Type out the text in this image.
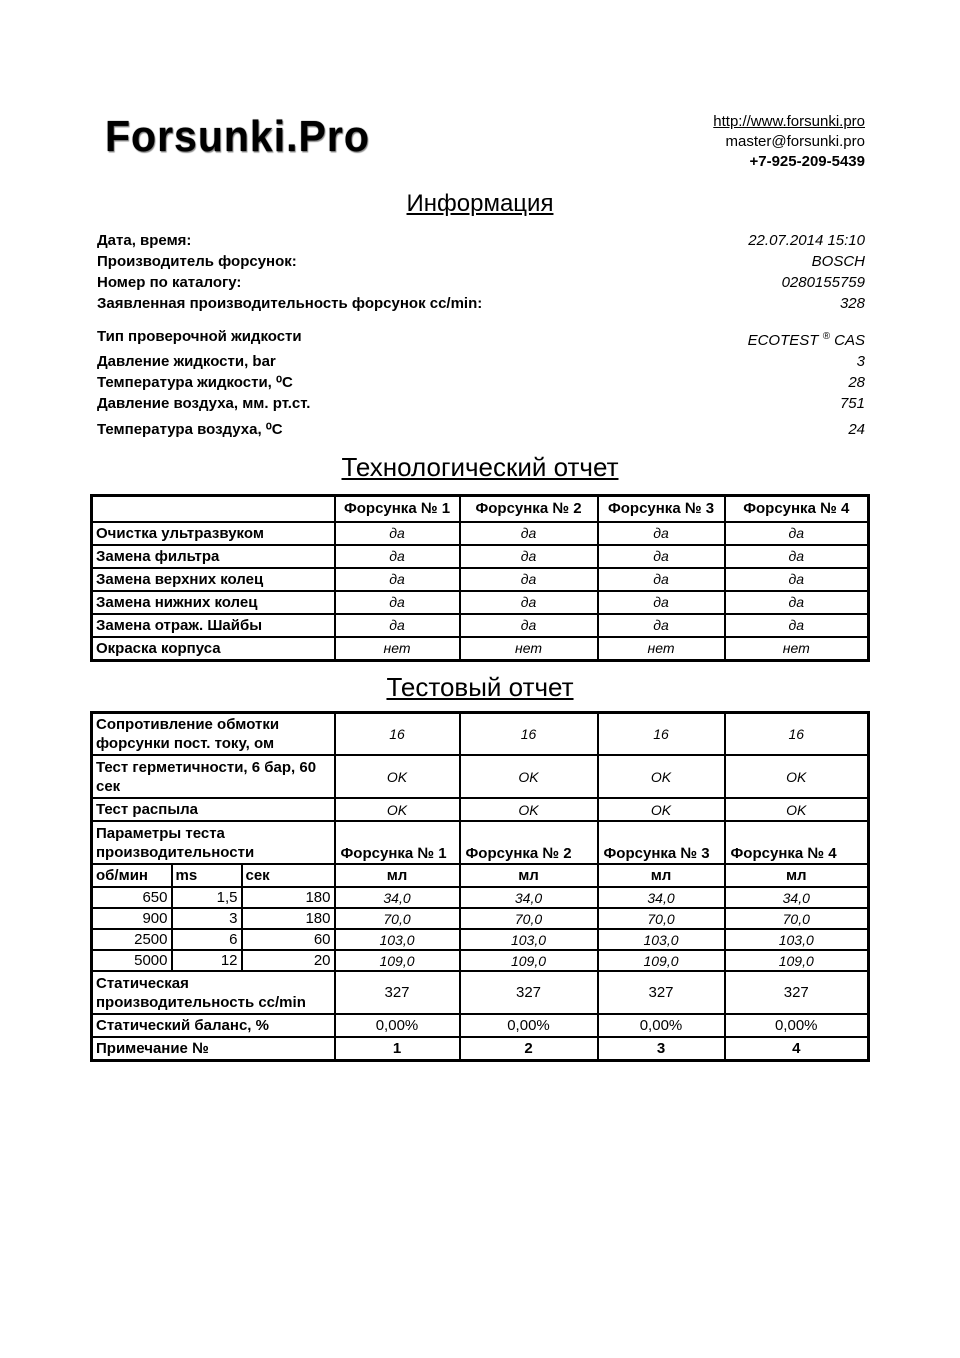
Forsunki.Pro	http://www.forsunki.pro
master@forsunki.pro
+7-925-209-5439
Информация
Дата, время:	22.07.2014 15:10
Производитель форсунок:	BOSCH
Номер по каталогу:	0280155759
Заявленная производительность форсунок cc/min:	328
Тип проверочной жидкости	ECOTEST ® CAS
Давление жидкости, bar	3
Температура жидкости, ⁰С	28
Давление воздуха, мм. рт.ст.	751
Температура воздуха, ⁰С	24
Технологический отчет
	Форсунка № 1	Форсунка № 2	Форсунка № 3	Форсунка № 4
Очистка ультразвуком	да	да	да	да
Замена фильтра	да	да	да	да
Замена верхних колец	да	да	да	да
Замена нижних колец	да	да	да	да
Замена отраж. Шайбы	да	да	да	да
Окраска корпуса	нет	нет	нет	нет
Тестовый отчет
Сопротивление обмотки форсунки пост. току, ом			16	16	16	16
Тест герметичности, 6 бар, 60 сек			OK	OK	OK	OK
Тест распыла			OK	OK	OK	OK
Параметры теста производительности			Форсунка № 1	Форсунка № 2	Форсунка № 3	Форсунка № 4
об/мин	ms	сек	мл	мл	мл	мл
650	1,5	180	34,0	34,0	34,0	34,0
900	3	180	70,0	70,0	70,0	70,0
2500	6	60	103,0	103,0	103,0	103,0
5000	12	20	109,0	109,0	109,0	109,0
Статическая производительность cc/min			327	327	327	327
Статический баланс, %			0,00%	0,00%	0,00%	0,00%
Примечание №			1	2	3	4
